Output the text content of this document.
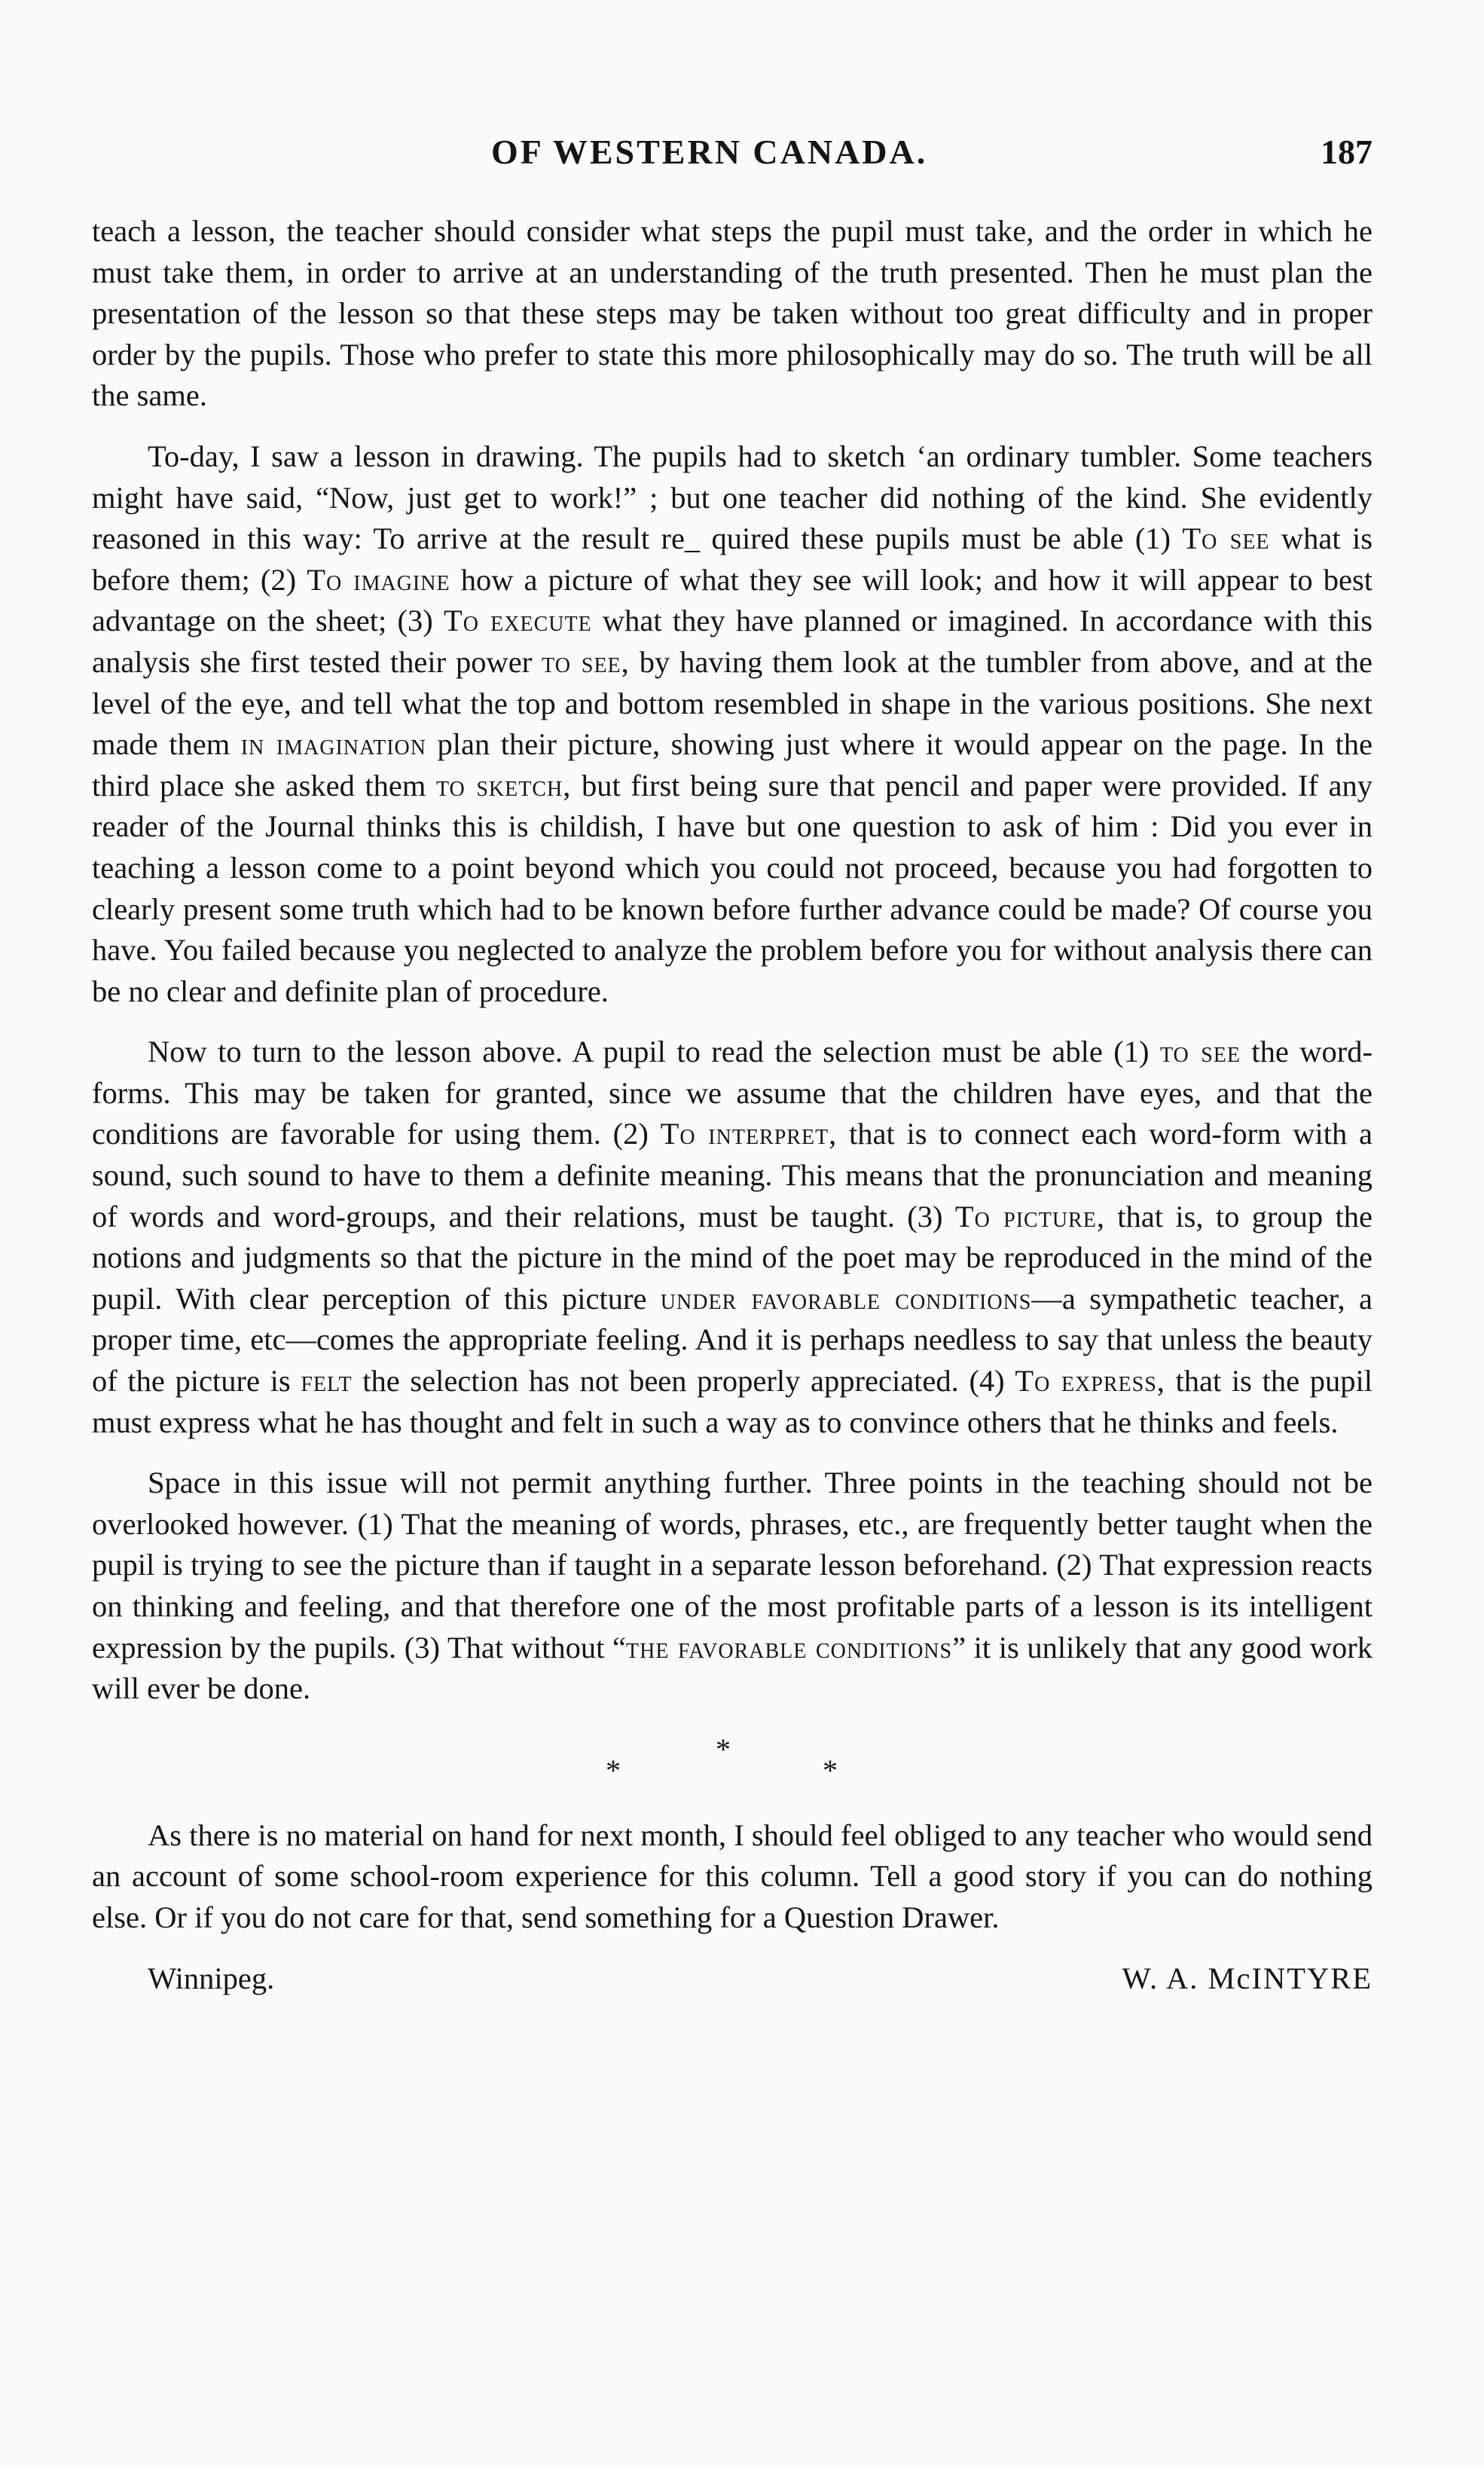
OF WESTERN CANADA.	187

teach a lesson, the teacher should consider what steps the pupil must take, and the order in which he must take them, in order to arrive at an understanding of the truth presented. Then he must plan the presentation of the lesson so that these steps may be taken without too great difficulty and in proper order by the pupils. Those who prefer to state this more philosophically may do so. The truth will be all the same.

To-day, I saw a lesson in drawing. The pupils had to sketch ‘an ordinary tumbler. Some teachers might have said, “Now, just get to work!” ; but one teacher did nothing of the kind. She evidently reasoned in this way: To arrive at the result re_ quired these pupils must be able (1) To see what is before them; (2) To imagine how a picture of what they see will look; and how it will appear to best advantage on the sheet; (3) To execute what they have planned or imagined. In accordance with this analysis she first tested their power to see, by having them look at the tumbler from above, and at the level of the eye, and tell what the top and bottom resembled in shape in the various positions. She next made them in imagination plan their picture, showing just where it would appear on the page. In the third place she asked them to sketch, but first being sure that pencil and paper were provided. If any reader of the Journal thinks this is childish, I have but one question to ask of him : Did you ever in teaching a lesson come to a point beyond which you could not proceed, because you had forgotten to clearly present some truth which had to be known before further advance could be made? Of course you have. You failed because you neglected to analyze the problem before you for without analysis there can be no clear and definite plan of procedure.

Now to turn to the lesson above. A pupil to read the selection must be able (1) to see the word-forms. This may be taken for granted, since we assume that the children have eyes, and that the conditions are favorable for using them. (2) To interpret, that is to connect each word-form with a sound, such sound to have to them a definite meaning. This means that the pronunciation and meaning of words and word-groups, and their relations, must be taught. (3) To picture, that is, to group the notions and judgments so that the picture in the mind of the poet may be reproduced in the mind of the pupil. With clear perception of this picture under favorable conditions—a sympathetic teacher, a proper time, etc—comes the appropriate feeling. And it is perhaps needless to say that unless the beauty of the picture is felt the selection has not been properly appreciated. (4) To express, that is the pupil must express what he has thought and felt in such a way as to convince others that he thinks and feels.

Space in this issue will not permit anything further. Three points in the teaching should not be overlooked however. (1) That the meaning of words, phrases, etc., are frequently better taught when the pupil is trying to see the picture than if taught in a separate lesson beforehand. (2) That expression reacts on thinking and feeling, and that therefore one of the most profitable parts of a lesson is its intelligent expression by the pupils. (3) That without “the favorable conditions” it is unlikely that any good work will ever be done.

*
*	*

As there is no material on hand for next month, I should feel obliged to any teacher who would send an account of some school-room experience for this column. Tell a good story if you can do nothing else. Or if you do not care for that, send something for a Question Drawer.

Winnipeg.	W. A. McINTYRE
